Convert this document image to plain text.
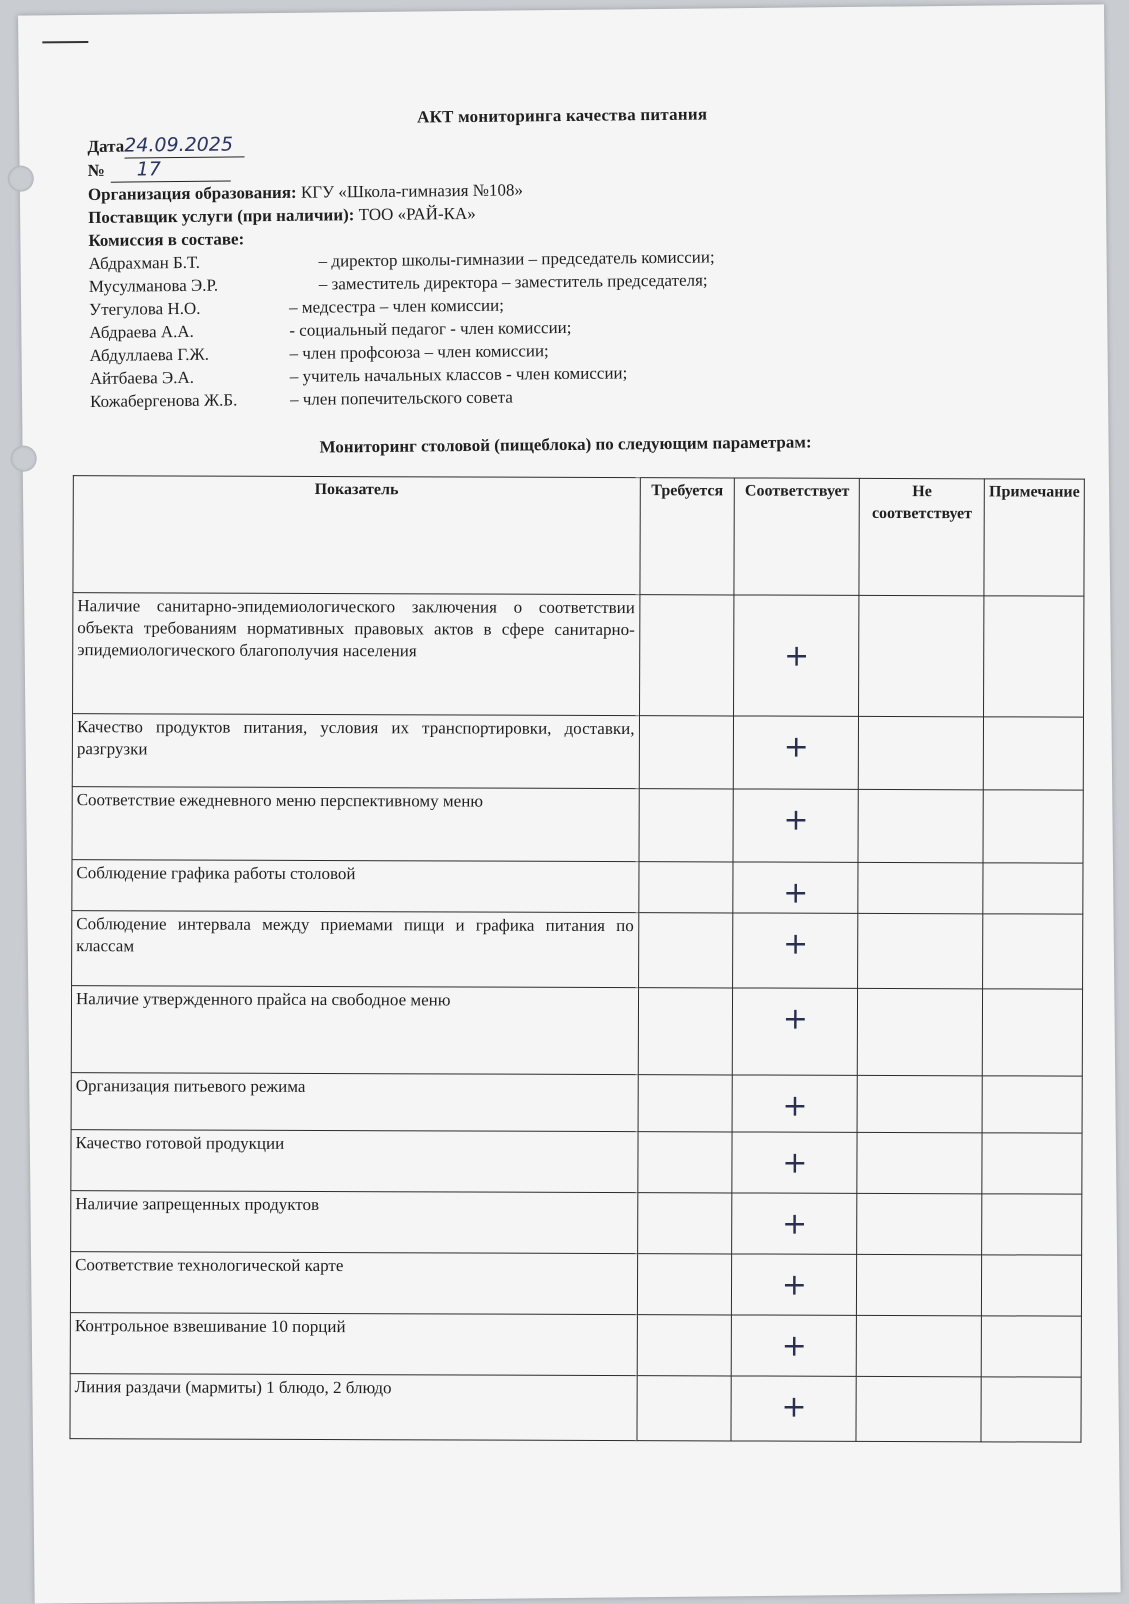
АКТ мониторинга качества питания
Дата24.09.2025
№ 17
Организация образования: КГУ «Школа-гимназия №108»
Поставщик услуги (при наличии): ТОО «РАЙ-КА»
Комиссия в составе:
Абдрахман Б.Т.	– директор школы-гимназии – председатель комиссии;
Мусулманова Э.Р.	– заместитель директора – заместитель председателя;
Утегулова Н.О.	– медсестра – член комиссии;
Абдраева А.А.	- социальный педагог - член комиссии;
Абдуллаева Г.Ж.	– член профсоюза – член комиссии;
Айтбаева Э.А.	– учитель начальных классов - член комиссии;
Кожабергенова Ж.Б.	– член попечительского совета
Мониторинг столовой (пищеблока) по следующим параметрам:
Показатель	Требуется	Соответствует	Не соответствует	Примечание
Наличие санитарно-эпидемиологического заключения о соответствии объекта требованиям нормативных правовых актов в сфере санитарно-эпидемиологического благополучия населения		+		

Качество продуктов питания, условия их транспортировки, доставки, разгрузки		+		

Соответствие ежедневного меню перспективному меню		+		

Соблюдение графика работы столовой		+		

Соблюдение интервала между приемами пищи и графика питания по классам		+		

Наличие утвержденного прайса на свободное меню		+		

Организация питьевого режима		+		

Качество готовой продукции		+		

Наличие запрещенных продуктов		+		

Соответствие технологической карте		+		

Контрольное взвешивание 10 порций		+		

Линия раздачи (мармиты) 1 блюдо, 2 блюдо		+		
